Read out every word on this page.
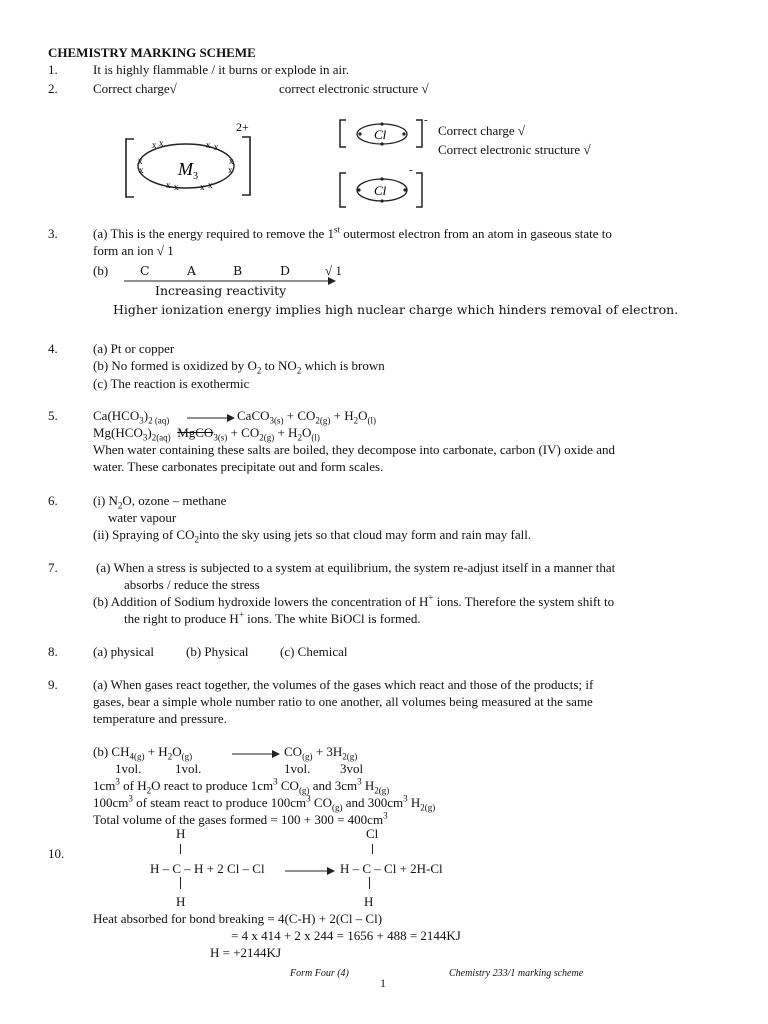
CHEMISTRY MARKING SCHEME
1.	It is highly flammable / it burns or explode in air.
2.	Correct charge√	correct electronic structure √
2+
M 3
x x	x x
x
x
x
x
x x x x
-
Cl
-
Cl
Correct charge √
Correct electronic structure √
3.	(a) This is the energy required to remove the 1st outermost electron from an atom in gaseous state to
form an ion √ 1
(b)	C	A	B	D	√ 1
Increasing reactivity
Higher ionization energy implies high nuclear charge which hinders removal of electron.
4.	(a) Pt or copper
(b) No formed is oxidized by $O_2$ to $NO_2$ which is brown
(c) The reaction is exothermic
5.	$Ca(HCO_3)_{2 (aq)}$ → CaCO$_{3(s)}$ + $CO_{2(g)} + H_2O_{(l)}$
$Mg(HCO_3)_{2(aq)}$ MgCO$_{3(s)}$ + $CO_{2(g)} + H_2O_{(l)}$
When water containing these salts are boiled, they decompose into carbonate, carbon (IV) oxide and
water. These carbonates precipitate out and form scales.
6.	(i) $N_2O$, ozone – methane
water vapour
(ii) Spraying of $CO_2into$ the sky using jets so that cloud may form and rain may fall.
7.	(a) When a stress is subjected to a system at equilibrium, the system re-adjust itself in a manner that
absorbs / reduce the stress
(b) Addition of Sodium hydroxide lowers the concentration of H+ ions. Therefore the system shift to
the right to produce H+ ions. The white BiOCl is formed.
8.	(a) physical (b) Physical (c) Chemical
9.	(a) When gases react together, the volumes of the gases which react and those of the products; if
gases, bear a simple whole number ratio to one another, all volumes being measured at the same
temperature and pressure.
(b) $CH_{4(g)} + H_2O_{(g)} \to CO_{(g)} + 3H_{2(g)}$
1vol.	1vol.	1vol. 3vol
$1cm^3$ of $H_2O$ react to produce $1cm^3$ $CO_{(g)}$ and $3cm^3$ $H_{2(g)}$
$100cm^3$ of steam react to produce $100cm^3$ $CO_{(g)}$ and $300cm^3$ $H_{2(g)}$
Total volume of the gases formed = $100 + 300 = 400cm^3$
H	Cl
10.
H – C – H + 2 Cl – Cl → H – C – Cl + 2H-Cl
H	H
Heat absorbed for bond breaking = 4(C-H) + 2(Cl – Cl)
= 4 x 414 + 2 x 244 = 1656 + 488 = 2144KJ
H = +2144KJ
Form Four (4)
1
Chemistry 233/1 marking scheme
